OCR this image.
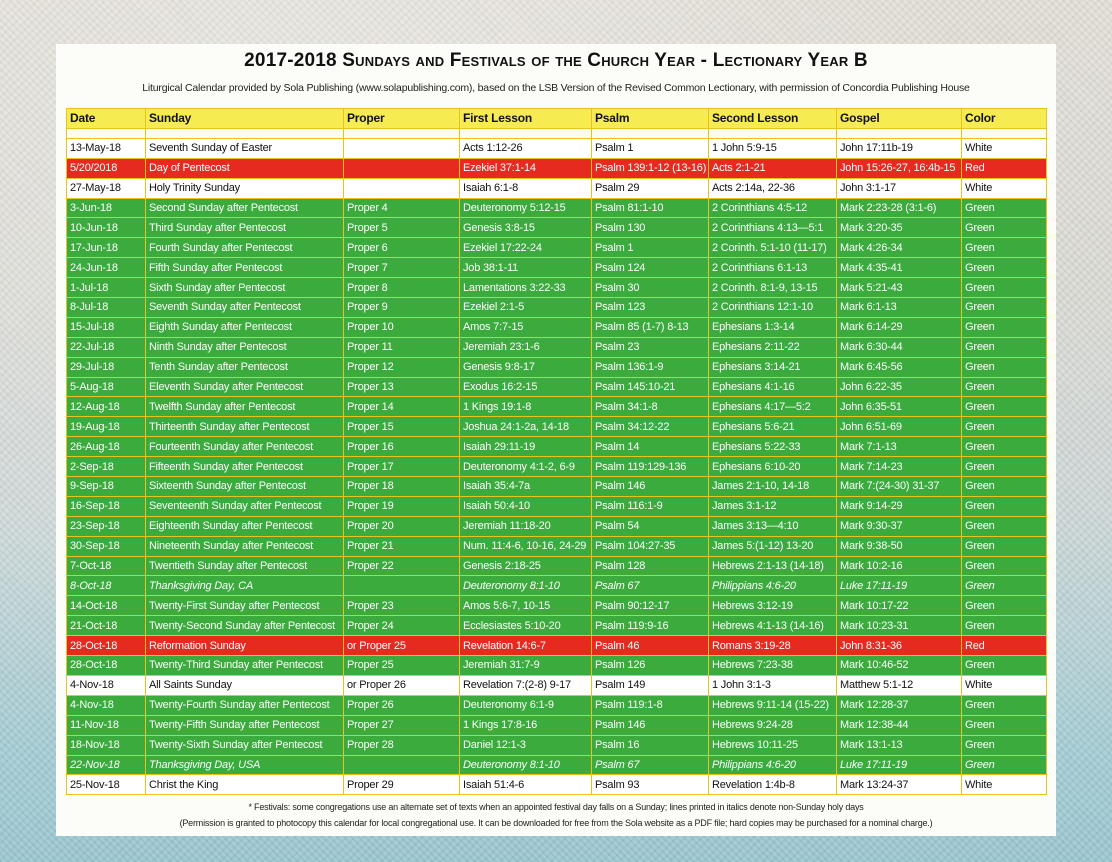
2017-2018 Sundays and Festivals of the Church Year - Lectionary Year B
Liturgical Calendar provided by Sola Publishing (www.solapublishing.com), based on the LSB Version of the Revised Common Lectionary, with permission of Concordia Publishing House
Date	Sunday	Proper	First Lesson	Psalm	Second Lesson	Gospel	Color

13-May-18	Seventh Sunday of Easter		Acts 1:12-26	Psalm 1	1 John 5:9-15	John 17:11b-19	White
5/20/2018	Day of Pentecost		Ezekiel 37:1-14	Psalm 139:1-12 (13-16)	Acts 2:1-21	John 15:26-27, 16:4b-15	Red
27-May-18	Holy Trinity Sunday		Isaiah 6:1-8	Psalm 29	Acts 2:14a, 22-36	John 3:1-17	White
3-Jun-18	Second Sunday after Pentecost	Proper 4	Deuteronomy 5:12-15	Psalm 81:1-10	2 Corinthians 4:5-12	Mark 2:23-28 (3:1-6)	Green
10-Jun-18	Third Sunday after Pentecost	Proper 5	Genesis 3:8-15	Psalm 130	2 Corinthians 4:13—5:1	Mark 3:20-35	Green
17-Jun-18	Fourth Sunday after Pentecost	Proper 6	Ezekiel 17:22-24	Psalm 1	2 Corinth. 5:1-10 (11-17)	Mark 4:26-34	Green
24-Jun-18	Fifth Sunday after Pentecost	Proper 7	Job 38:1-11	Psalm 124	2 Corinthians 6:1-13	Mark 4:35-41	Green
1-Jul-18	Sixth Sunday after Pentecost	Proper 8	Lamentations 3:22-33	Psalm 30	2 Corinth. 8:1-9, 13-15	Mark 5:21-43	Green
8-Jul-18	Seventh Sunday after Pentecost	Proper 9	Ezekiel 2:1-5	Psalm 123	2 Corinthians 12:1-10	Mark 6:1-13	Green
15-Jul-18	Eighth Sunday after Pentecost	Proper 10	Amos 7:7-15	Psalm 85 (1-7) 8-13	Ephesians 1:3-14	Mark 6:14-29	Green
22-Jul-18	Ninth Sunday after Pentecost	Proper 11	Jeremiah 23:1-6	Psalm 23	Ephesians 2:11-22	Mark 6:30-44	Green
29-Jul-18	Tenth Sunday after Pentecost	Proper 12	Genesis 9:8-17	Psalm 136:1-9	Ephesians 3:14-21	Mark 6:45-56	Green
5-Aug-18	Eleventh Sunday after Pentecost	Proper 13	Exodus 16:2-15	Psalm 145:10-21	Ephesians 4:1-16	John 6:22-35	Green
12-Aug-18	Twelfth Sunday after Pentecost	Proper 14	1 Kings 19:1-8	Psalm 34:1-8	Ephesians 4:17—5:2	John 6:35-51	Green
19-Aug-18	Thirteenth Sunday after Pentecost	Proper 15	Joshua 24:1-2a, 14-18	Psalm 34:12-22	Ephesians 5:6-21	John 6:51-69	Green
26-Aug-18	Fourteenth Sunday after Pentecost	Proper 16	Isaiah 29:11-19	Psalm 14	Ephesians 5:22-33	Mark 7:1-13	Green
2-Sep-18	Fifteenth Sunday after Pentecost	Proper 17	Deuteronomy 4:1-2, 6-9	Psalm 119:129-136	Ephesians 6:10-20	Mark 7:14-23	Green
9-Sep-18	Sixteenth Sunday after Pentecost	Proper 18	Isaiah 35:4-7a	Psalm 146	James 2:1-10, 14-18	Mark 7:(24-30) 31-37	Green
16-Sep-18	Seventeenth Sunday after Pentecost	Proper 19	Isaiah 50:4-10	Psalm 116:1-9	James 3:1-12	Mark 9:14-29	Green
23-Sep-18	Eighteenth Sunday after Pentecost	Proper 20	Jeremiah 11:18-20	Psalm 54	James 3:13—4:10	Mark 9:30-37	Green
30-Sep-18	Nineteenth Sunday after Pentecost	Proper 21	Num. 11:4-6, 10-16, 24-29	Psalm 104:27-35	James 5:(1-12) 13-20	Mark 9:38-50	Green
7-Oct-18	Twentieth Sunday after Pentecost	Proper 22	Genesis 2:18-25	Psalm 128	Hebrews 2:1-13 (14-18)	Mark 10:2-16	Green
8-Oct-18	Thanksgiving Day, CA		Deuteronomy 8:1-10	Psalm 67	Philippians 4:6-20	Luke 17:11-19	Green
14-Oct-18	Twenty-First Sunday after Pentecost	Proper 23	Amos 5:6-7, 10-15	Psalm 90:12-17	Hebrews 3:12-19	Mark 10:17-22	Green
21-Oct-18	Twenty-Second Sunday after Pentecost	Proper 24	Ecclesiastes 5:10-20	Psalm 119:9-16	Hebrews 4:1-13 (14-16)	Mark 10:23-31	Green
28-Oct-18	Reformation Sunday	or Proper 25	Revelation 14:6-7	Psalm 46	Romans 3:19-28	John 8:31-36	Red
28-Oct-18	Twenty-Third Sunday after Pentecost	Proper 25	Jeremiah 31:7-9	Psalm 126	Hebrews 7:23-38	Mark 10:46-52	Green
4-Nov-18	All Saints Sunday	or Proper 26	Revelation 7:(2-8) 9-17	Psalm 149	1 John 3:1-3	Matthew 5:1-12	White
4-Nov-18	Twenty-Fourth Sunday after Pentecost	Proper 26	Deuteronomy 6:1-9	Psalm 119:1-8	Hebrews 9:11-14 (15-22)	Mark 12:28-37	Green
11-Nov-18	Twenty-Fifth Sunday after Pentecost	Proper 27	1 Kings 17:8-16	Psalm 146	Hebrews 9:24-28	Mark 12:38-44	Green
18-Nov-18	Twenty-Sixth Sunday after Pentecost	Proper 28	Daniel 12:1-3	Psalm 16	Hebrews 10:11-25	Mark 13:1-13	Green
22-Nov-18	Thanksgiving Day, USA		Deuteronomy 8:1-10	Psalm 67	Philippians 4:6-20	Luke 17:11-19	Green
25-Nov-18	Christ the King	Proper 29	Isaiah 51:4-6	Psalm 93	Revelation 1:4b-8	Mark 13:24-37	White
* Festivals: some congregations use an alternate set of texts when an appointed festival day falls on a Sunday; lines printed in italics denote non-Sunday holy days
(Permission is granted to photocopy this calendar for local congregational use. It can be downloaded for free from the Sola website as a PDF file; hard copies may be purchased for a nominal charge.)
